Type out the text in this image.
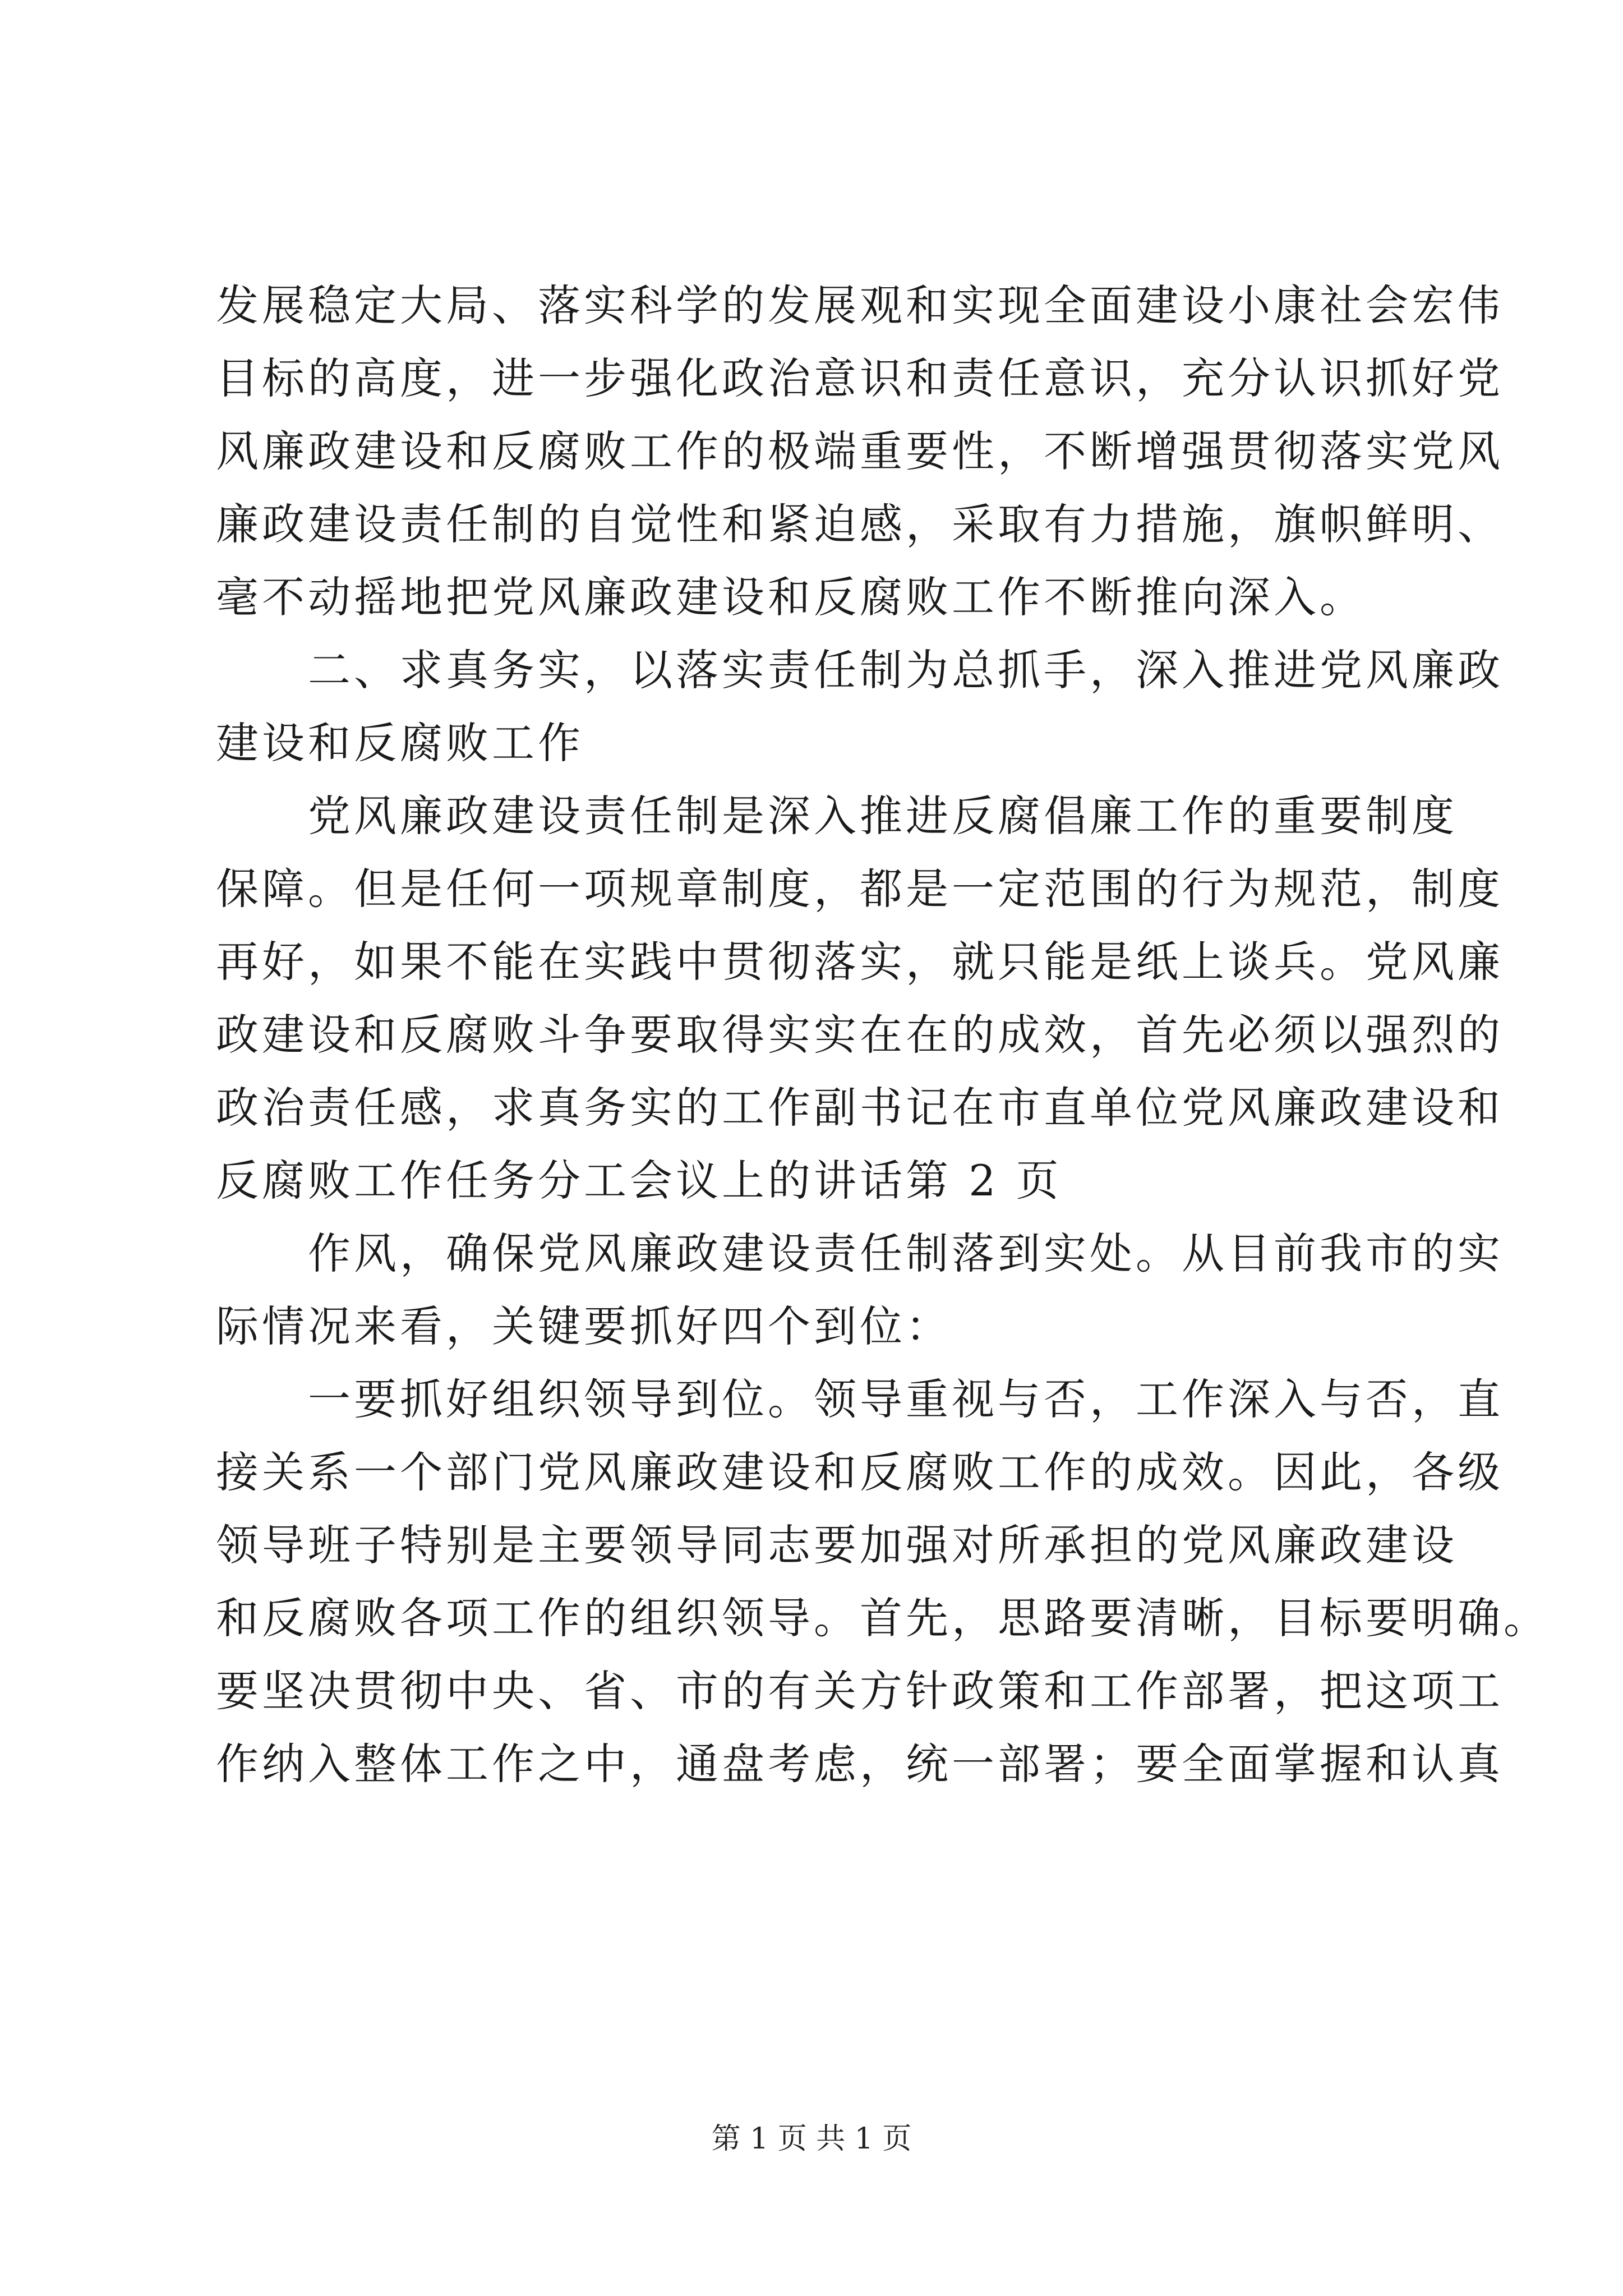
发展稳定大局、落实科学的发展观和实现全面建设小康社会宏伟
目标的高度，进一步强化政治意识和责任意识，充分认识抓好党
风廉政建设和反腐败工作的极端重要性，不断增强贯彻落实党风
廉政建设责任制的自觉性和紧迫感，采取有力措施，旗帜鲜明、
毫不动摇地把党风廉政建设和反腐败工作不断推向深入。
　　二、求真务实，以落实责任制为总抓手，深入推进党风廉政
建设和反腐败工作
　　党风廉政建设责任制是深入推进反腐倡廉工作的重要制度
保障。但是任何一项规章制度，都是一定范围的行为规范，制度
再好，如果不能在实践中贯彻落实，就只能是纸上谈兵。党风廉
政建设和反腐败斗争要取得实实在在的成效，首先必须以强烈的
政治责任感，求真务实的工作副书记在市直单位党风廉政建设和
反腐败工作任务分工会议上的讲话第 2 页
　　作风，确保党风廉政建设责任制落到实处。从目前我市的实
际情况来看，关键要抓好四个到位：
　　一要抓好组织领导到位。领导重视与否，工作深入与否，直
接关系一个部门党风廉政建设和反腐败工作的成效。因此，各级
领导班子特别是主要领导同志要加强对所承担的党风廉政建设
和反腐败各项工作的组织领导。首先，思路要清晰，目标要明确。
要坚决贯彻中央、省、市的有关方针政策和工作部署，把这项工
作纳入整体工作之中，通盘考虑，统一部署；要全面掌握和认真
第 1 页 共 1 页
